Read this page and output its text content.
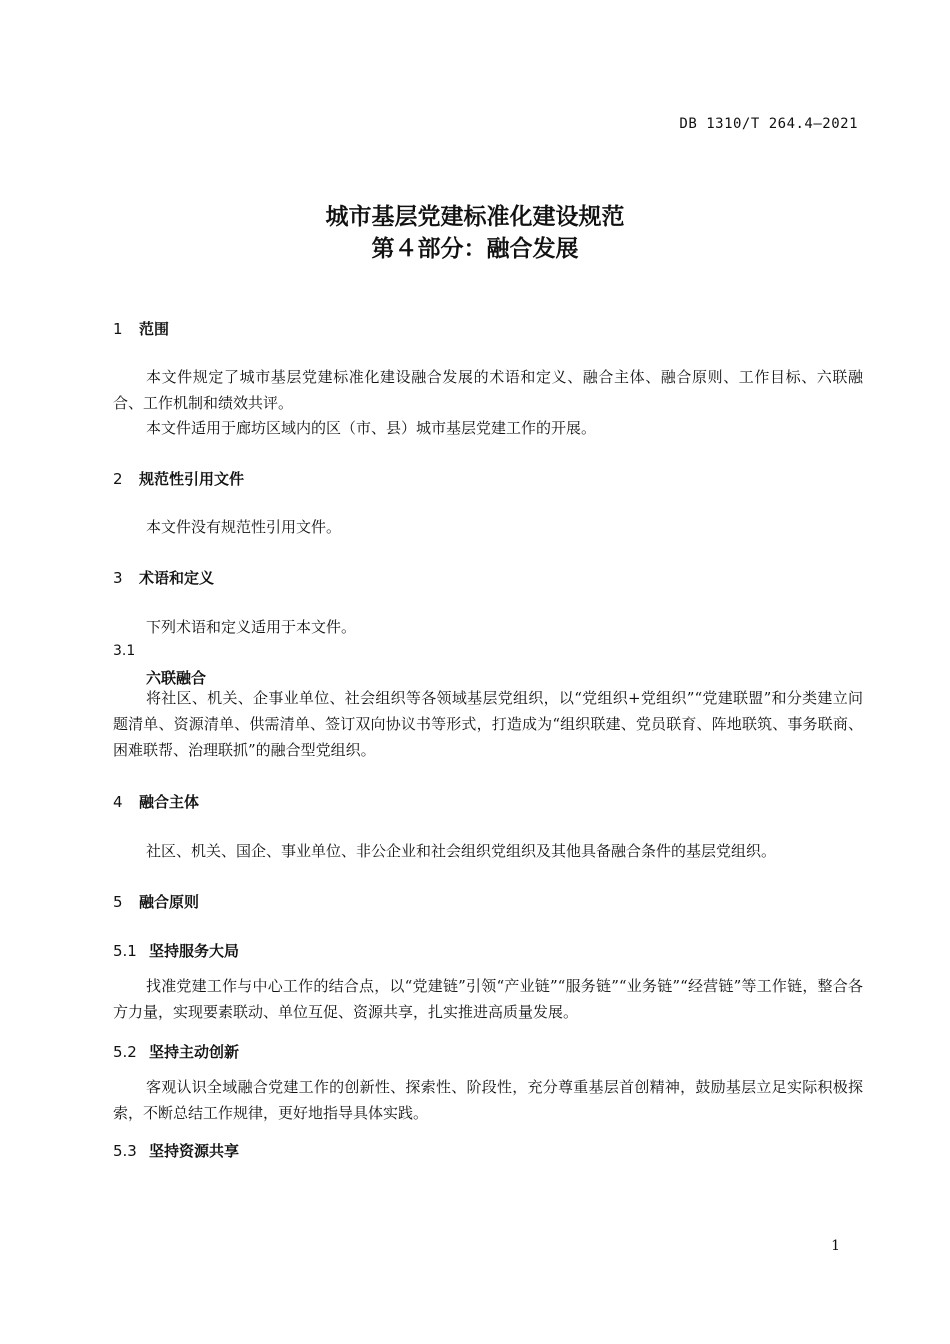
DB 1310/T 264.4—2021
城市基层党建标准化建设规范
第４部分：融合发展
1 范围

本文件规定了城市基层党建标准化建设融合发展的术语和定义、融合主体、融合原则、工作目标、六联融合、工作机制和绩效共评。

本文件适用于廊坊区域内的区（市、县）城市基层党建工作的开展。

2 规范性引用文件

本文件没有规范性引用文件。

3 术语和定义

下列术语和定义适用于本文件。

3.1
六联融合

将社区、机关、企事业单位、社会组织等各领域基层党组织，以“党组织+党组织”“党建联盟”和分类建立问题清单、资源清单、供需清单、签订双向协议书等形式，打造成为“组织联建、党员联育、阵地联筑、事务联商、困难联帮、治理联抓”的融合型党组织。

4 融合主体

社区、机关、国企、事业单位、非公企业和社会组织党组织及其他具备融合条件的基层党组织。

5 融合原则
5.1 坚持服务大局

找准党建工作与中心工作的结合点，以“党建链”引领“产业链”“服务链”“业务链”“经营链”等工作链，整合各方力量，实现要素联动、单位互促、资源共享，扎实推进高质量发展。

5.2 坚持主动创新

客观认识全域融合党建工作的创新性、探索性、阶段性，充分尊重基层首创精神，鼓励基层立足实际积极探索，不断总结工作规律，更好地指导具体实践。

5.3 坚持资源共享
1
